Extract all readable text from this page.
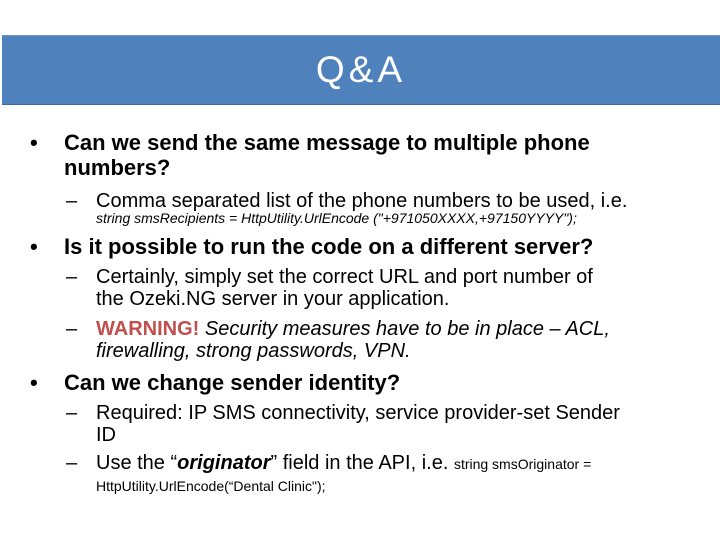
Q&A
•	Can we send the same message to multiple phone
numbers?
– Comma separated list of the phone numbers to be used, i.e.
string smsRecipients = HttpUtility.UrlEncode ("+971050XXXX,+97150YYYY");
•	Is it possible to run the code on a different server?
– Certainly, simply set the correct URL and port number of
the Ozeki.NG server in your application.
– WARNING! Security measures have to be in place – ACL,
firewalling, strong passwords, VPN.
•	Can we change sender identity?
– Required: IP SMS connectivity, service provider-set Sender
ID
– Use the “originator” field in the API, i.e. string smsOriginator =
HttpUtility.UrlEncode(“Dental Clinic");
